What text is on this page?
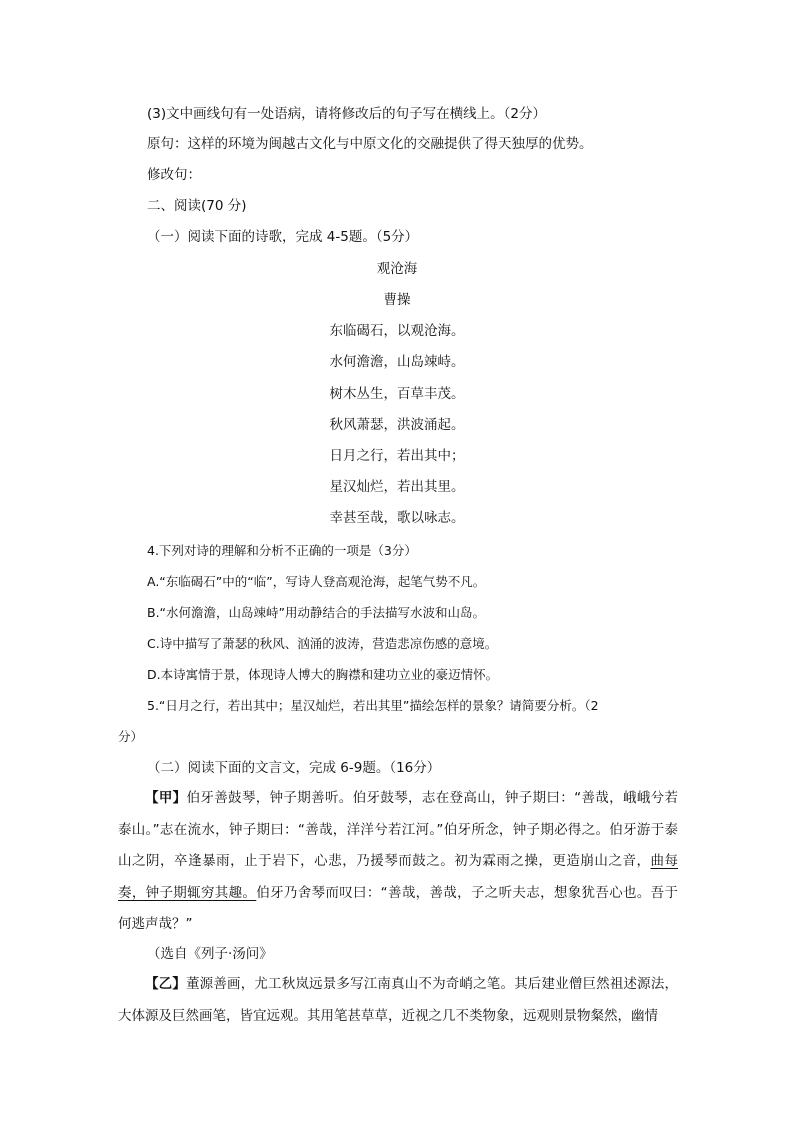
(3)文中画线句有一处语病，请将修改后的句子写在横线上。（2分）
原句：这样的环境为闽越古文化与中原文化的交融提供了得天独厚的优势。
修改句：
二、阅读(70 分)
（一）阅读下面的诗歌，完成 4-5题。（5分）
观沧海
曹操
东临碣石，以观沧海。
水何澹澹，山岛竦峙。
树木丛生，百草丰茂。
秋风萧瑟，洪波涌起。
日月之行，若出其中；
星汉灿烂，若出其里。
幸甚至哉，歌以咏志。
4.下列对诗的理解和分析不正确的一项是（3分）
A.“东临碣石”中的“临”，写诗人登高观沧海，起笔气势不凡。
B.“水何澹澹，山岛竦峙”用动静结合的手法描写水波和山岛。
C.诗中描写了萧瑟的秋风、汹涌的波涛，营造悲凉伤感的意境。
D.本诗寓情于景，体现诗人博大的胸襟和建功立业的豪迈情怀。
5.“日月之行，若出其中；星汉灿烂，若出其里”描绘怎样的景象？请简要分析。（2
分）
（二）阅读下面的文言文，完成 6-9题。（16分）

【甲】伯牙善鼓琴，钟子期善听。伯牙鼓琴，志在登高山，钟子期曰：“善哉，峨峨兮若泰山。”志在流水，钟子期曰：“善哉，洋洋兮若江河。”伯牙所念，钟子期必得之。伯牙游于泰山之阴，卒逢暴雨，止于岩下，心悲，乃援琴而鼓之。初为霖雨之操，更造崩山之音，曲每奏，钟子期辄穷其趣。伯牙乃舍琴而叹曰：“善哉，善哉，子之听夫志，想象犹吾心也。吾于何逃声哉？”

（选自《列子·汤问》

【乙】董源善画，尤工秋岚远景多写江南真山不为奇峭之笔。其后建业僧巨然祖述源法，大体源及巨然画笔，皆宜远观。其用笔甚草草，近视之几不类物象，远观则景物粲然，幽情
